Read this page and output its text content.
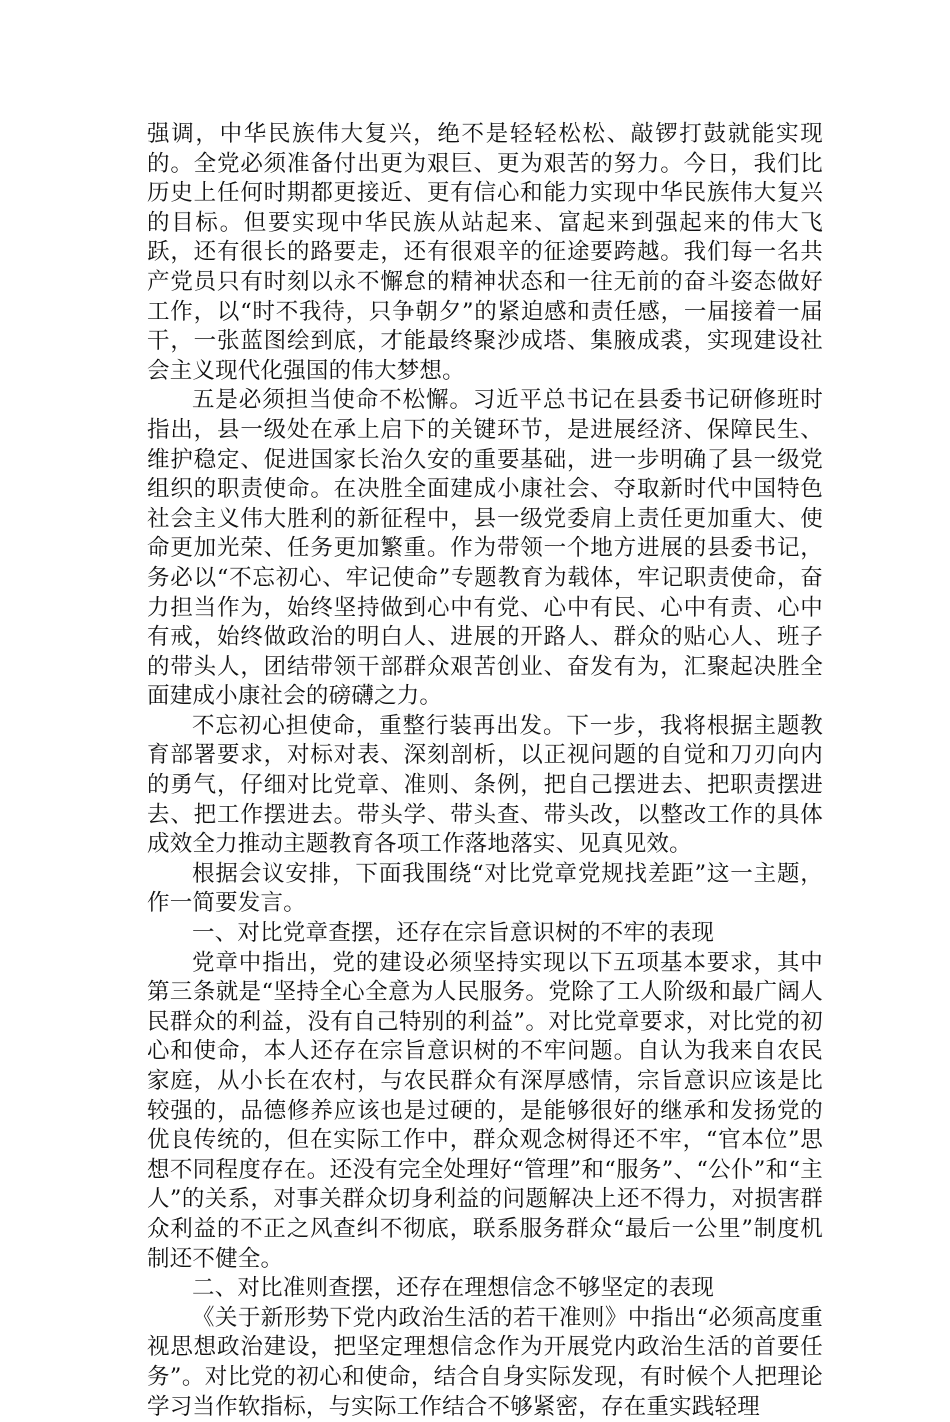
强调，中华民族伟大复兴，绝不是轻轻松松、敲锣打鼓就能实现的。全党必须准备付出更为艰巨、更为艰苦的努力。今日，我们比历史上任何时期都更接近、更有信心和能力实现中华民族伟大复兴的目标。但要实现中华民族从站起来、富起来到强起来的伟大飞跃，还有很长的路要走，还有很艰辛的征途要跨越。我们每一名共产党员只有时刻以永不懈怠的精神状态和一往无前的奋斗姿态做好工作，以“时不我待，只争朝夕”的紧迫感和责任感，一届接着一届干，一张蓝图绘到底，才能最终聚沙成塔、集腋成裘，实现建设社会主义现代化强国的伟大梦想。

五是必须担当使命不松懈。习近平总书记在县委书记研修班时指出，县一级处在承上启下的关键环节，是进展经济、保障民生、维护稳定、促进国家长治久安的重要基础，进一步明确了县一级党组织的职责使命。在决胜全面建成小康社会、夺取新时代中国特色社会主义伟大胜利的新征程中，县一级党委肩上责任更加重大、使命更加光荣、任务更加繁重。作为带领一个地方进展的县委书记，务必以“不忘初心、牢记使命”专题教育为载体，牢记职责使命，奋力担当作为，始终坚持做到心中有党、心中有民、心中有责、心中有戒，始终做政治的明白人、进展的开路人、群众的贴心人、班子的带头人，团结带领干部群众艰苦创业、奋发有为，汇聚起决胜全面建成小康社会的磅礴之力。

不忘初心担使命，重整行装再出发。下一步，我将根据主题教育部署要求，对标对表、深刻剖析，以正视问题的自觉和刀刃向内的勇气，仔细对比党章、准则、条例，把自己摆进去、把职责摆进去、把工作摆进去。带头学、带头查、带头改，以整改工作的具体成效全力推动主题教育各项工作落地落实、见真见效。

根据会议安排，下面我围绕“对比党章党规找差距”这一主题，作一简要发言。

一、对比党章查摆，还存在宗旨意识树的不牢的表现

党章中指出，党的建设必须坚持实现以下五项基本要求，其中第三条就是“坚持全心全意为人民服务。党除了工人阶级和最广阔人民群众的利益，没有自己特别的利益”。对比党章要求，对比党的初心和使命，本人还存在宗旨意识树的不牢问题。自认为我来自农民家庭，从小长在农村，与农民群众有深厚感情，宗旨意识应该是比较强的，品德修养应该也是过硬的，是能够很好的继承和发扬党的优良传统的，但在实际工作中，群众观念树得还不牢，“官本位”思想不同程度存在。还没有完全处理好“管理”和“服务”、“公仆”和“主人”的关系，对事关群众切身利益的问题解决上还不得力，对损害群众利益的不正之风查纠不彻底，联系服务群众“最后一公里”制度机制还不健全。

二、对比准则查摆，还存在理想信念不够坚定的表现

《关于新形势下党内政治生活的若干准则》中指出“必须高度重视思想政治建设，把坚定理想信念作为开展党内政治生活的首要任务”。对比党的初心和使命，结合自身实际发现，有时候个人把理论学习当作软指标，与实际工作结合不够紧密，存在重实践轻理
